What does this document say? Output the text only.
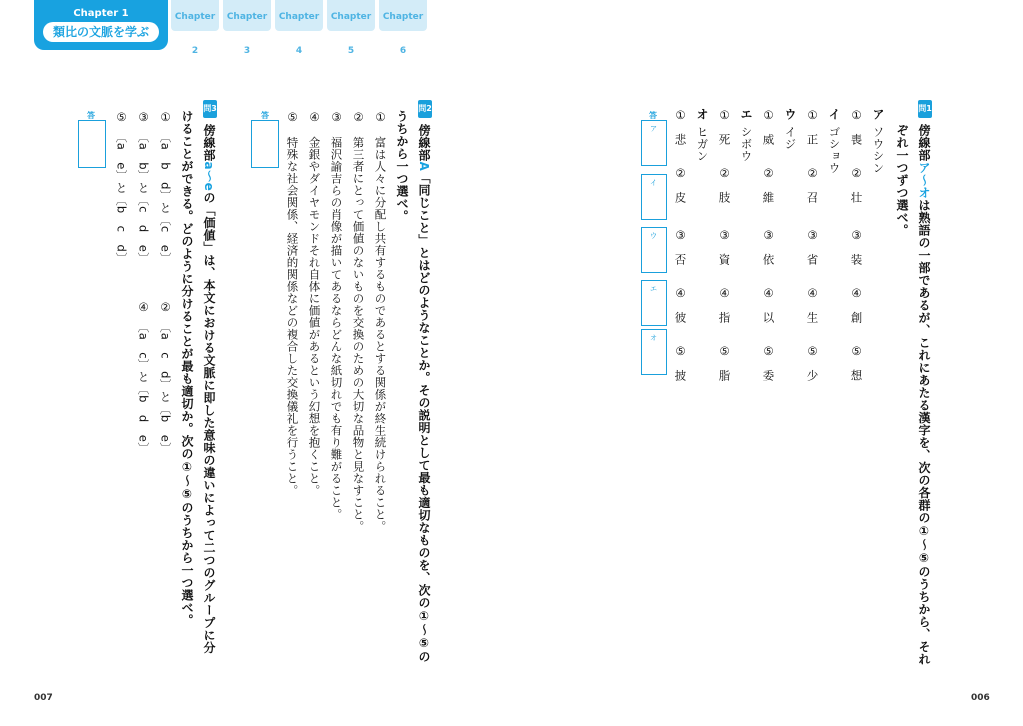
Chapter 1
類比の文脈を学ぶ
Chapter 2
Chapter 3
Chapter 4
Chapter 5
Chapter 6
007	006
問1
傍線部ア〜オは熟語の一部であるが、これにあたる漢字を、次の各群の①〜⑤のうちから、それ
ぞれ一つずつ選べ。
ア
ソウシン
①　喪
②　壮
③　装
④　創
⑤　想
イ
ゴショウ
①　正
②　召
③　省
④　生
⑤　少
ウ
イジ
①　威
②　維
③　依
④　以
⑤　委
エ
シボウ
①　死
②　肢
③　資
④　指
⑤　脂
オ
ヒガン
①　悲
②　皮
③　否
④　彼
⑤　披
答
ア
イ
ウ
エ
オ
問2
傍線部A「同じこと」とはどのようなことか。その説明として最も適切なものを、次の①〜⑤の
うちから一つ選べ。
①　富は人々に分配し共有するものであるとする関係が終生続けられること。
②　第三者にとって価値のないものを交換のための大切な品物と見なすこと。
③　福沢諭吉らの肖像が描いてあるならどんな紙切れでも有り難がること。
④　金銀やダイヤモンドそれ自体に価値があるという幻想を抱くこと。
⑤　特殊な社会関係、経済的関係などの複合した交換儀礼を行うこと。
答
問3
傍線部a〜eの「価値」は、本文における文脈に即した意味の違いによって二つのグループに分
けることができる。どのように分けることが最も適切か。次の①〜⑤のうちから一つ選べ。
①　〔a　b　d〕と〔c　e〕
②　〔a　c　d〕と〔b　e〕
③　〔a　b〕と〔c　d　e〕
④　〔a　c〕と〔b　d　e〕
⑤　〔a　e〕と〔b　c　d〕
答
